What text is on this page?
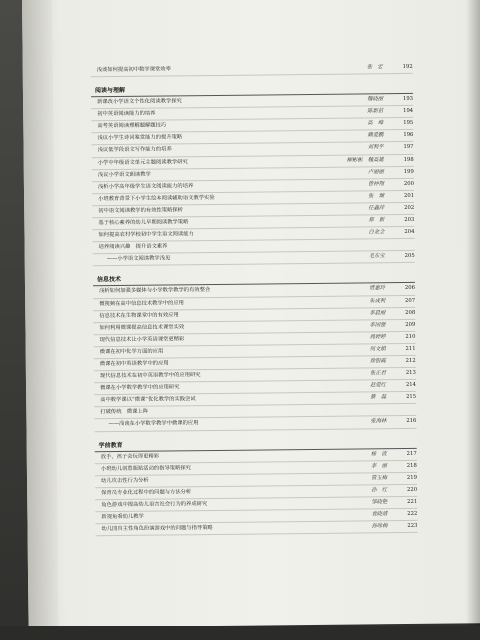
浅谈如何提高初中数学课堂效率	张　宏	192
阅读与理解
新课改小学语文个性化阅读教学探究	魏晓丽	193
初中英语阅读能力的培养	陈新苗	194
高考英语阅读理解题解题技巧	高　峰	195
浅议小学生诗词鉴赏能力的提升策略	赖爱鹏	196
浅议低学段语文写作能力的培养	刘利平	197
小学中年级语文单元主题阅读教学研究	柳彬彬　魏高雄	198
浅议小学语文朗读教学	卢丽丽	199
浅析小学高年级学生语文阅读能力的培养	曾仲翔	200
小班教育背景下小学生绘本阅读辅助语文教学实验	张　瑞	201
初中语文阅读教学的有效性策略探析	任鑫萍	202
基于核心素养的幼儿早期阅读教学策略	郑　新	203
如何提高农村学校初中学生语文阅读能力	白金全	204
培养阅读兴趣　提升语文素养
——小学语文阅读教学浅见	毛东宝	205
信息技术
浅析如何加强多媒体与小学数学教学的有效整合	贾惠玲	206
微视频在高中信息技术教学中的应用	朱成利	207
信息技术在生物课堂中的有效应用	李晨丽	208
如何利用微课提高信息技术课堂实效	李国强	209
现代信息技术让小学英语课堂更精彩	周婷婷	210
微课在初中化学方面的应用	何文娟	211
微课在初中英语教学中的应用	徐银霞	212
现代信息技术在初中英语教学中的应用研究	张正君	213
微课在小学数学教学中的应用研究	赵爱红	214
高中数学课以“微课”优化教学的实践尝试	蔡　磊	215
打破传统　微课上阵
——浅谈在小学数学教学中微课的应用	张海林	216
学前教育
放手，孩子会玩得更精彩	杨　波	217
小班幼儿创意瓶贴活动的指导策略探究	李　丽	218
幼儿攻击性行为分析	管玉梅	219
保育员专业化过程中的问题与方法分析	孙　红	220
角色游戏中提高幼儿语言社会行为的养成研究	邹晓艳	221
新视角看幼儿教学	袁晓清	222
幼儿园自主性角色扮演游戏中的问题与指导策略	孙咏梅	223
